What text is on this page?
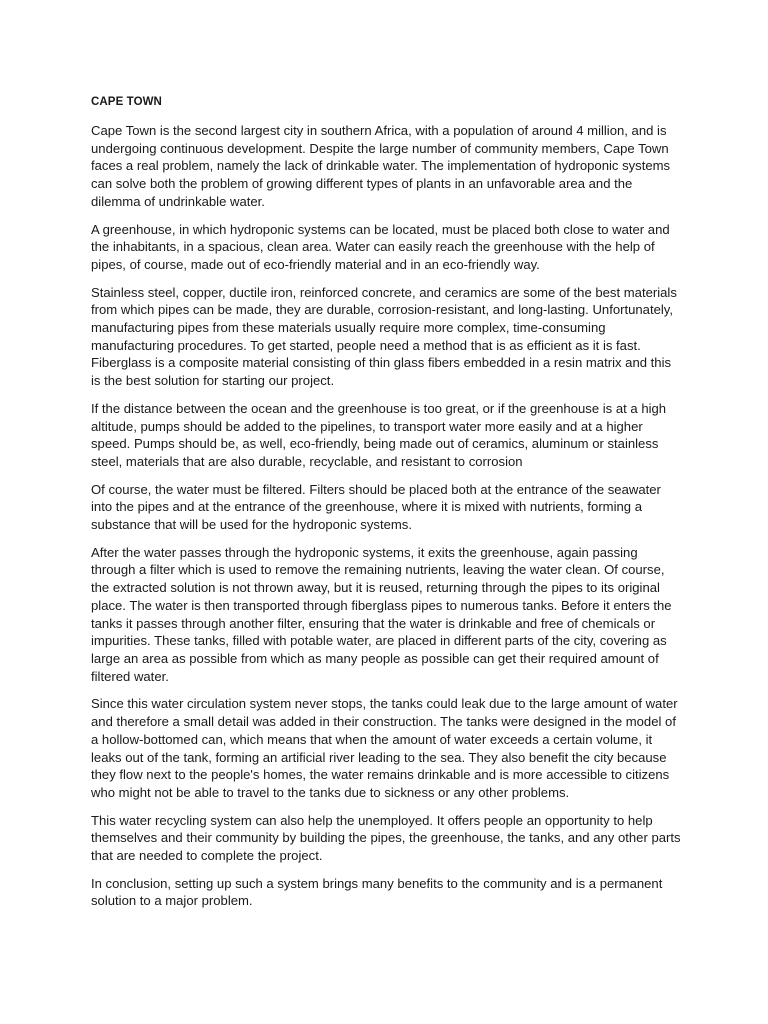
CAPE TOWN

Cape Town is the second largest city in southern Africa, with a population of around 4 million, and is undergoing continuous development. Despite the large number of community members, Cape Town faces a real problem, namely the lack of drinkable water. The implementation of hydroponic systems can solve both the problem of growing different types of plants in an unfavorable area and the dilemma of undrinkable water.

A greenhouse, in which hydroponic systems can be located, must be placed both close to water and the inhabitants, in a spacious, clean area. Water can easily reach the greenhouse with the help of pipes, of course, made out of eco-friendly material and in an eco-friendly way.

Stainless steel, copper, ductile iron, reinforced concrete, and ceramics are some of the best materials from which pipes can be made, they are durable, corrosion-resistant, and long-lasting. Unfortunately, manufacturing pipes from these materials usually require more complex, time-consuming manufacturing procedures. To get started, people need a method that is as efficient as it is fast. Fiberglass is a composite material consisting of thin glass fibers embedded in a resin matrix and this is the best solution for starting our project.

If the distance between the ocean and the greenhouse is too great, or if the greenhouse is at a high altitude, pumps should be added to the pipelines, to transport water more easily and at a higher speed. Pumps should be, as well, eco-friendly, being made out of ceramics, aluminum or stainless steel, materials that are also durable, recyclable, and resistant to corrosion

Of course, the water must be filtered. Filters should be placed both at the entrance of the seawater into the pipes and at the entrance of the greenhouse, where it is mixed with nutrients, forming a substance that will be used for the hydroponic systems.

After the water passes through the hydroponic systems, it exits the greenhouse, again passing through a filter which is used to remove the remaining nutrients, leaving the water clean. Of course, the extracted solution is not thrown away, but it is reused, returning through the pipes to its original place. The water is then transported through fiberglass pipes to numerous tanks. Before it enters the tanks it passes through another filter, ensuring that the water is drinkable and free of chemicals or impurities. These tanks, filled with potable water, are placed in different parts of the city, covering as large an area as possible from which as many people as possible can get their required amount of filtered water.

Since this water circulation system never stops, the tanks could leak due to the large amount of water and therefore a small detail was added in their construction. The tanks were designed in the model of a hollow-bottomed can, which means that when the amount of water exceeds a certain volume, it leaks out of the tank, forming an artificial river leading to the sea. They also benefit the city because they flow next to the people's homes, the water remains drinkable and is more accessible to citizens who might not be able to travel to the tanks due to sickness or any other problems.

This water recycling system can also help the unemployed. It offers people an opportunity to help themselves and their community by building the pipes, the greenhouse, the tanks, and any other parts that are needed to complete the project.

In conclusion, setting up such a system brings many benefits to the community and is a permanent solution to a major problem.
